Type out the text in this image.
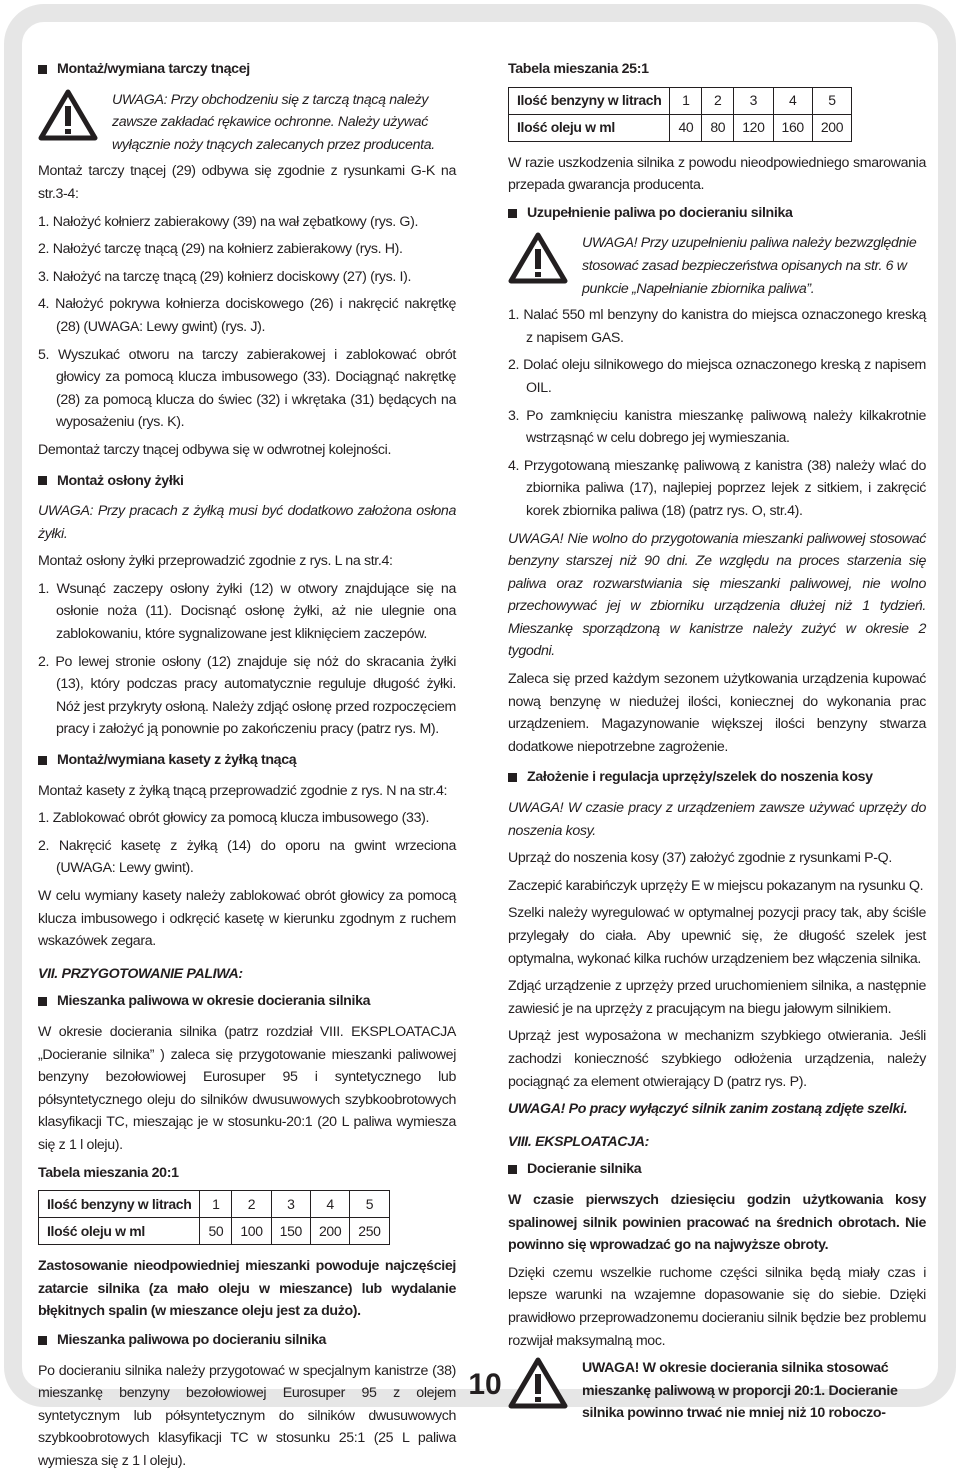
Montaż/wymiana tarczy tnącej
UWAGA: Przy obchodzeniu się z tarczą tnącą należy zawsze zakładać rękawice ochronne. Należy używać wyłącznie noży tnących zalecanych przez producenta.

Montaż tarczy tnącej (29) odbywa się zgodnie z rysunkami G-K na str.3-4:

1. Nałożyć kołnierz zabierakowy (39) na wał zębatkowy (rys. G).

2. Nałożyć tarczę tnącą (29) na kołnierz zabierakowy (rys. H).

3. Nałożyć na tarczę tnącą (29) kołnierz dociskowy (27) (rys. I).

4. Nałożyć pokrywa kołnierza dociskowego (26) i nakręcić nakrętkę (28) (UWAGA: Lewy gwint) (rys. J).

5. Wyszukać otworu na tarczy zabierakowej i zablokować obrót głowicy za pomocą klucza imbusowego (33). Dociągnąć nakrętkę (28) za pomocą klucza do świec (32) i wkrętaka (31) będących na wyposażeniu (rys. K).

Demontaż tarczy tnącej odbywa się w odwrotnej kolejności.

Montaż osłony żyłki

UWAGA: Przy pracach z żyłką musi być dodatkowo założona osłona żyłki.

Montaż osłony żyłki przeprowadzić zgodnie z rys. L na str.4:

1. Wsunąć zaczepy osłony żyłki (12) w otwory znajdujące się na osłonie noża (11). Docisnąć osłonę żyłki, aż nie ulegnie ona zablokowaniu, które sygnalizowane jest kliknięciem zaczepów.

2. Po lewej stronie osłony (12) znajduje się nóż do skracania żyłki (13), który podczas pracy automatycznie reguluje długość żyłki. Nóż jest przykryty osłoną. Należy zdjąć osłonę przed rozpoczęciem pracy i założyć ją ponownie po zakończeniu pracy (patrz rys. M).

Montaż/wymiana kasety z żyłką tnącą

Montaż kasety z żyłką tnącą przeprowadzić zgodnie z rys. N na str.4:

1. Zablokować obrót głowicy za pomocą klucza imbusowego (33).

2. Nakręcić kasetę z żyłką (14) do oporu na gwint wrzeciona (UWAGA: Lewy gwint).

W celu wymiany kasety należy zablokować obrót głowicy za pomocą klucza imbusowego i odkręcić kasetę w kierunku zgodnym z ruchem wskazówek zegara.

VII. PRZYGOTOWANIE PALIWA:

Mieszanka paliwowa w okresie docierania silnika

W okresie docierania silnika (patrz rozdział VIII. EKSPLOATACJA „Docieranie silnika” ) zaleca się przygotowanie mieszanki paliwowej benzyny bezołowiowej Eurosuper 95 i syntetycznego lub półsyntetycznego oleju do silników dwusuwowych szybkoobrotowych klasyfikacji TC, mieszając je w stosunku-20:1 (20 L paliwa wymiesza się z 1 l oleju).

Tabela mieszania 20:1

Ilość benzyny w litrach	1	2	3	4	5
Ilość oleju w ml	50	100	150	200	250

Zastosowanie nieodpowiedniej mieszanki powoduje najczęściej zatarcie silnika (za mało oleju w mieszance) lub wydalanie błękitnych spalin (w mieszance oleju jest za dużo).

Mieszanka paliwowa po docieraniu silnika

Po docieraniu silnika należy przygotować w specjalnym kanistrze (38) mieszankę benzyny bezołowiowej Eurosuper 95 z olejem syntetycznym lub półsyntetycznym do silników dwusuwowych szybkoobrotowych klasyfikacji TC w stosunku 25:1 (25 L paliwa wymiesza się z 1 l oleju).

Tabela mieszania 25:1

Ilość benzyny w litrach	1	2	3	4	5
Ilość oleju w ml	40	80	120	160	200

W razie uszkodzenia silnika z powodu nieodpowiedniego smarowania przepada gwarancja producenta.

Uzupełnienie paliwa po docieraniu silnika
UWAGA! Przy uzupełnieniu paliwa należy bezwzględnie stosować zasad bezpieczeństwa opisanych na str. 6 w punkcie „Napełnianie zbiornika paliwa”.

1. Nalać 550 ml benzyny do kanistra do miejsca oznaczonego kreską z napisem GAS.

2. Dolać oleju silnikowego do miejsca oznaczonego kreską z napisem OIL.

3. Po zamknięciu kanistra mieszankę paliwową należy kilkakrotnie wstrząsnąć w celu dobrego jej wymieszania.

4. Przygotowaną mieszankę paliwową z kanistra (38) należy wlać do zbiornika paliwa (17), najlepiej poprzez lejek z sitkiem, i zakręcić korek zbiornika paliwa (18) (patrz rys. O, str.4).

UWAGA! Nie wolno do przygotowania mieszanki paliwowej stosować benzyny starszej niż 90 dni. Ze względu na proces starzenia się paliwa oraz rozwarstwiania się mieszanki paliwowej, nie wolno przechowywać jej w zbiorniku urządzenia dłużej niż 1 tydzień. Mieszankę sporządzoną w kanistrze należy zużyć w okresie 2 tygodni.

Zaleca się przed każdym sezonem użytkowania urządzenia kupować nową benzynę w niedużej ilości, koniecznej do wykonania prac urządzeniem. Magazynowanie większej ilości benzyny stwarza dodatkowe niepotrzebne zagrożenie.

Założenie i regulacja uprzęży/szelek do noszenia kosy

UWAGA! W czasie pracy z urządzeniem zawsze używać uprzęży do noszenia kosy.

Uprząż do noszenia kosy (37) założyć zgodnie z rysunkami P-Q.

Zaczepić karabińczyk uprzęży E w miejscu pokazanym na rysunku Q.

Szelki należy wyregulować w optymalnej pozycji pracy tak, aby ściśle przylegały do ciała. Aby upewnić się, że długość szelek jest optymalna, wykonać kilka ruchów urządzeniem bez włączenia silnika.

Zdjąć urządzenie z uprzęży przed uruchomieniem silnika, a następnie zawiesić je na uprzęży z pracującym na biegu jałowym silnikiem.

Uprząż jest wyposażona w mechanizm szybkiego otwierania. Jeśli zachodzi konieczność szybkiego odłożenia urządzenia, należy pociągnąć za element otwierający D (patrz rys. P).

UWAGA! Po pracy wyłączyć silnik zanim zostaną zdjęte szelki.

VIII. EKSPLOATACJA:

Docieranie silnika

W czasie pierwszych dziesięciu godzin użytkowania kosy spalinowej silnik powinien pracować na średnich obrotach. Nie powinno się wprowadzać go na najwyższe obroty.

Dzięki czemu wszelkie ruchome części silnika będą miały czas i lepsze warunki na wzajemne dopasowanie się do siebie. Dzięki prawidłowo przeprowadzonemu docieraniu silnik będzie bez problemu rozwijał maksymalną moc.

UWAGA! W okresie docierania silnika stosować mieszankę paliwową w proporcji 20:1. Docieranie silnika powinno trwać nie mniej niż 10 roboczo-
10
